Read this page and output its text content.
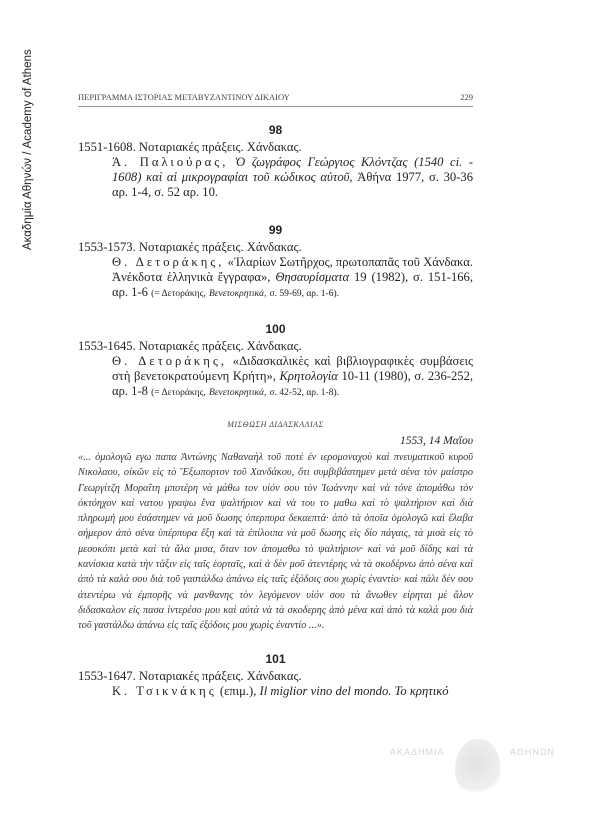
Ακαδημία Αθηνών / Academy of Athens	ΠΕΡΙΓΡΑΜΜΑ ΙΣΤΟΡΙΑΣ ΜΕΤΑΒΥΖΑΝΤΙΝΟΥ ΔΙΚΑΙΟΥ	229
98
1551-1608. Νοταριακές πράξεις. Χάνδακας.
Ά. Παλιούρας, Ὁ ζωγράφος Γεώργιος Κλόντζας (1540 ci. - 1608) καὶ αἱ μικρογραφίαι τοῦ κώδικος αὐτοῦ, Ἀθήνα 1977, σ. 30-36 αρ. 1-4, σ. 52 αρ. 10.
99
1553-1573. Νοταριακές πράξεις. Χάνδακας.
Θ. Δετοράκης, «Ἰλαρίων Σωτῆρχος, πρωτοπαπᾶς τοῦ Χάνδακα. Ἀνέκδοτα ἑλληνικὰ ἔγγραφα», Θησαυρίσματα 19 (1982), σ. 151-166, αρ. 1-6 (= Δετοράκης, Βενετοκρητικά, σ. 59-69, αρ. 1-6).
100
1553-1645. Νοταριακές πράξεις. Χάνδακας.
Θ. Δετοράκης, «Διδασκαλικὲς καὶ βιβλιογραφικὲς συμβάσεις στὴ βενετοκρατούμενη Κρήτη», Κρητολογία 10-11 (1980), σ. 236-252, αρ. 1-8 (= Δετοράκης, Βενετοκρητικά, σ. 42-52, αρ. 1-8).
ΜΙΣΘΩΣΗ ΔΙΔΑΣΚΑΛΙΑΣ
1553, 14 Μαΐου
«... ὁμολογῶ εγω παπα Ἀντώνης Ναθαναὴλ τοῦ ποτὲ ἐν ιερομοναχοὺ καὶ πνευματικοῦ κυροῦ Νικολαου, οἰκῶν εἰς τὸ Ἔξωπορτον τοῦ Χανδάκου, ὅτι συμβιβάστημεν μετὰ σένα τὸν μαίστρο Γεωργίτζη Μοραΐτη μποτέρη νὰ μάθω τον υἱόν σου τὸν Ἰωάννην καὶ νὰ τόνε ἀπομάθω τὸν ὀκτόηχον καὶ νατου γραψω ἕνα ψαλτήριον καὶ νὰ του το μαθω καὶ τὸ ψαλτήριον καὶ διὰ πληρωμή μου ἐσάστημεν νὰ μοῦ δωσης ὑπερπυρα δεκαεπτά· ἀπὸ τὰ ὁποῖα ὁμολογῶ καὶ ἔλαβα σήμερον ἀπὸ σένα ὑπέρπυρα ἕξη καὶ τὰ ἐπίλοιπα νὰ μοῦ δωσης εἰς δίο πάγαις, τὰ μισὰ εἰς τὸ μεσοκόπι μετὰ καὶ τὰ ἄλα μισα, ὅταν τον ἀπομαθω τὸ ψαλτήριον· καὶ νὰ μοῦ δίδης καὶ τὰ κανίσκια κατὰ τὴν τάξιν εἰς ταῖς ἑορταῖς, καὶ ἀ δὲν μοῦ ἀτεντέρης νὰ τὰ σκοδέρνω ἀπὸ σένα καὶ ἀπὸ τὰ καλά σου διὰ τοῦ γαστάλδω ἀπάνω εἰς ταῖς ἐξόδοις σου χωρὶς ἐναντίο· καὶ πάλι δὲν σου ἀτεντέρω νὰ ἐμπορῆς νὰ μανθανης τὸν λεγόμενον υἱόν σου τὰ ἄνωθεν εἰρηται μὲ ἄλον διδασκαλον εἰς πασα ἰντερέσο μου καὶ αὐτὰ νὰ τὰ σκοδερης ἀπὸ μένα καὶ ἀπὸ τὰ καλά μου διὰ τοῦ γαστάλδω ἀπάνω εἰς ταῖς ἐξόδοις μου χωρὶς ἐναντίο ...».
101
1553-1647. Νοταριακές πράξεις. Χάνδακας.
Κ. Τσικνάκης (επιμ.), Il miglior vino del mondo. Το κρητικό
ΑΚΑΔΗΜΙΑ	ΑΘΗΝΩΝ
